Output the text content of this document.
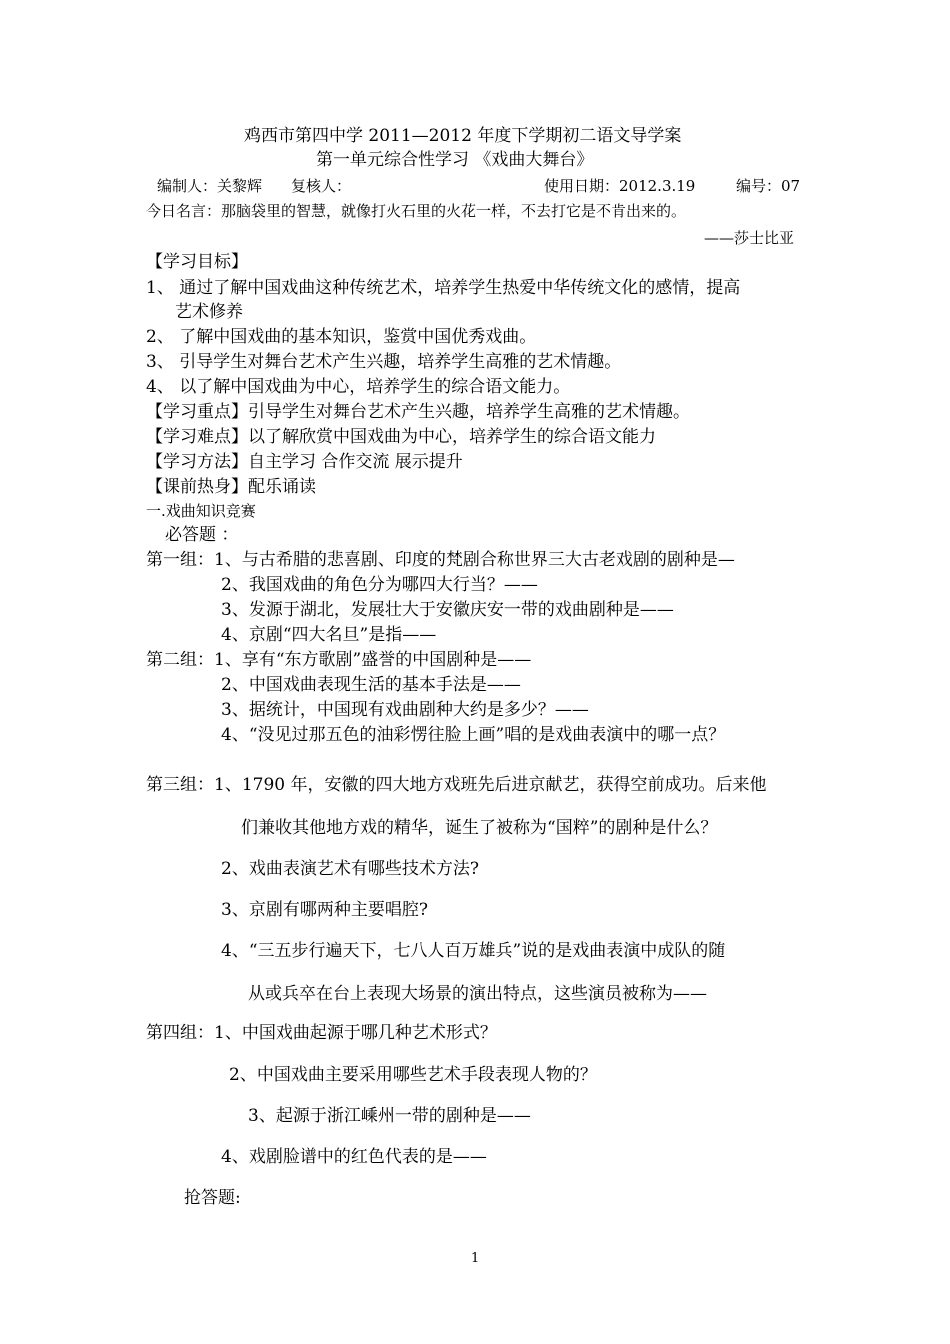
鸡西市第四中学 2011—2012 年度下学期初二语文导学案
第一单元综合性学习 《戏曲大舞台》
编制人：关黎辉 复核人：	使用日期：2012.3.19	编号：07
今日名言：那脑袋里的智慧，就像打火石里的火花一样，不去打它是不肯出来的。
——莎士比亚
【学习目标】
1、 通过了解中国戏曲这种传统艺术，培养学生热爱中华传统文化的感情，提高
艺术修养
2、 了解中国戏曲的基本知识，鉴赏中国优秀戏曲。
3、 引导学生对舞台艺术产生兴趣，培养学生高雅的艺术情趣。
4、 以了解中国戏曲为中心，培养学生的综合语文能力。
【学习重点】引导学生对舞台艺术产生兴趣，培养学生高雅的艺术情趣。
【学习难点】以了解欣赏中国戏曲为中心，培养学生的综合语文能力
【学习方法】自主学习 合作交流 展示提升
【课前热身】配乐诵读
一.戏曲知识竞赛
必答题 ：
第一组：1、与古希腊的悲喜剧、印度的梵剧合称世界三大古老戏剧的剧种是—
2、我国戏曲的角色分为哪四大行当？——
3、发源于湖北，发展壮大于安徽庆安一带的戏曲剧种是——
4、京剧“四大名旦”是指——
第二组：1、享有“东方歌剧”盛誉的中国剧种是——
2、中国戏曲表现生活的基本手法是——
3、据统计，中国现有戏曲剧种大约是多少？——
4、“没见过那五色的油彩愣往脸上画”唱的是戏曲表演中的哪一点？
第三组：1、1790 年，安徽的四大地方戏班先后进京献艺，获得空前成功。后来他
们兼收其他地方戏的精华，诞生了被称为“国粹”的剧种是什么？
2、戏曲表演艺术有哪些技术方法?
3、京剧有哪两种主要唱腔?
4、“三五步行遍天下，七八人百万雄兵”说的是戏曲表演中成队的随
从或兵卒在台上表现大场景的演出特点，这些演员被称为——
第四组：1、中国戏曲起源于哪几种艺术形式？
2、中国戏曲主要采用哪些艺术手段表现人物的？
3、起源于浙江嵊州一带的剧种是——
4、戏剧脸谱中的红色代表的是——
抢答题:
1
